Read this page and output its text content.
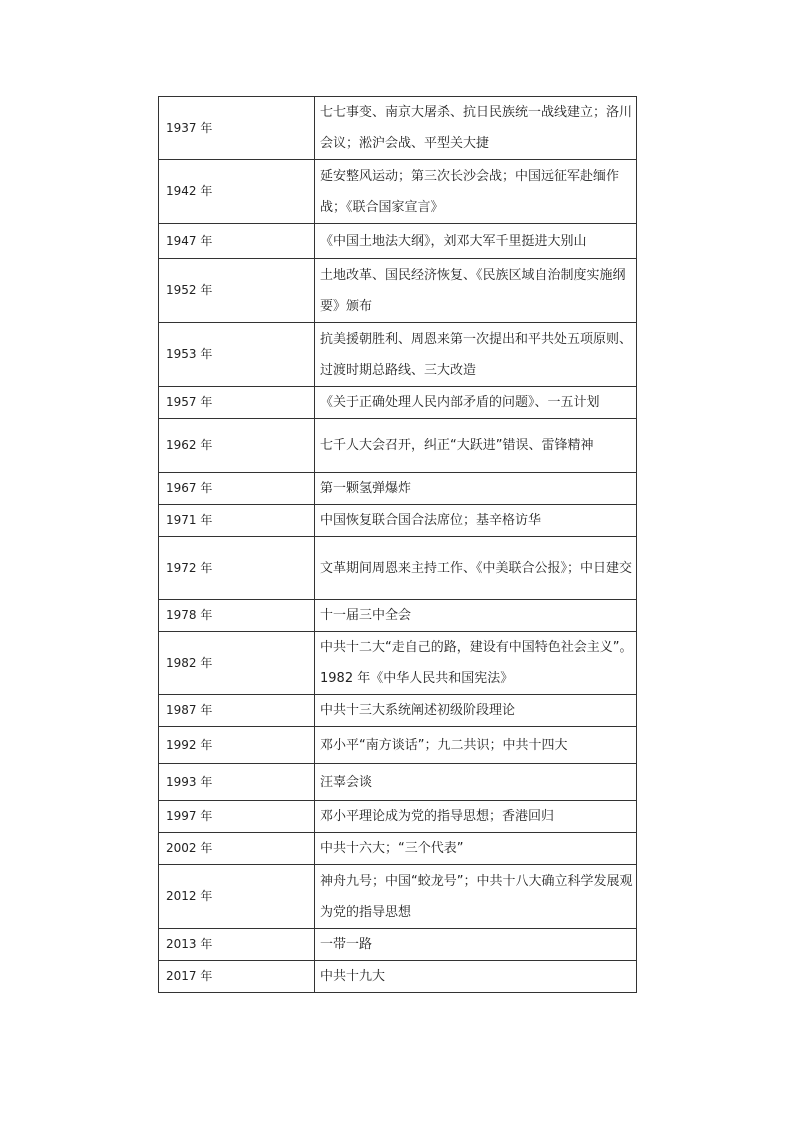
1937 年	七七事变、南京大屠杀、抗日民族统一战线建立；洛川会议；淞沪会战、平型关大捷
1942 年	延安整风运动；第三次长沙会战；中国远征军赴缅作战；《联合国家宣言》
1947 年	《中国土地法大纲》，刘邓大军千里挺进大别山
1952 年	土地改革、国民经济恢复、《民族区域自治制度实施纲要》颁布
1953 年	抗美援朝胜利、周恩来第一次提出和平共处五项原则、过渡时期总路线、三大改造
1957 年	《关于正确处理人民内部矛盾的问题》、一五计划
1962 年	七千人大会召开，纠正“大跃进”错误、雷锋精神
1967 年	第一颗氢弹爆炸
1971 年	中国恢复联合国合法席位；基辛格访华
1972 年	文革期间周恩来主持工作、《中美联合公报》；中日建交
1978 年	十一届三中全会
1982 年	中共十二大“走自己的路，建设有中国特色社会主义”。1982 年《中华人民共和国宪法》
1987 年	中共十三大系统阐述初级阶段理论
1992 年	邓小平“南方谈话”；九二共识；中共十四大
1993 年	汪辜会谈
1997 年	邓小平理论成为党的指导思想；香港回归
2002 年	中共十六大；“三个代表”
2012 年	神舟九号；中国“蛟龙号”；中共十八大确立科学发展观为党的指导思想
2013 年	一带一路
2017 年	中共十九大
